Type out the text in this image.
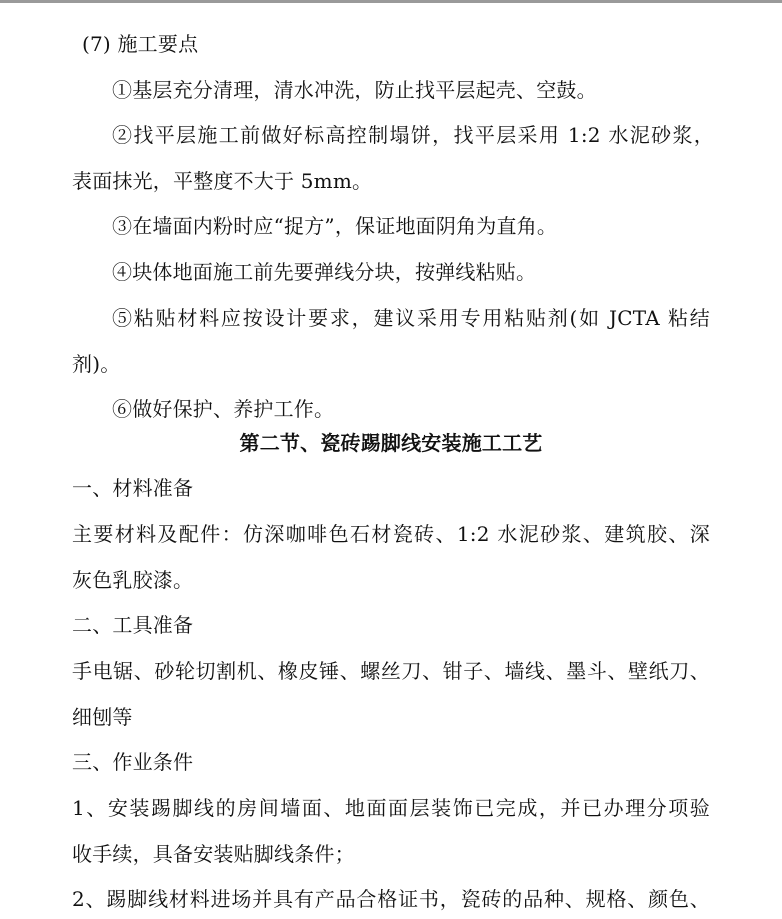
(7) 施工要点
①基层充分清理，清水冲洗，防止找平层起壳、空鼓。
②找平层施工前做好标高控制塌饼，找平层采用 1:2 水泥砂浆，
表面抹光，平整度不大于 5mm。
③在墙面内粉时应“捉方”，保证地面阴角为直角。
④块体地面施工前先要弹线分块，按弹线粘贴。
⑤粘贴材料应按设计要求，建议采用专用粘贴剂(如 JCTA 粘结
剂)。
⑥做好保护、养护工作。
第二节、瓷砖踢脚线安装施工工艺
一、材料准备
主要材料及配件：仿深咖啡色石材瓷砖、1:2 水泥砂浆、建筑胶、深
灰色乳胶漆。
二、工具准备
手电锯、砂轮切割机、橡皮锤、螺丝刀、钳子、墙线、墨斗、壁纸刀、
细刨等
三、作业条件
1、安装踢脚线的房间墙面、地面面层装饰已完成，并已办理分项验
收手续，具备安装贴脚线条件；
2、踢脚线材料进场并具有产品合格证书，瓷砖的品种、规格、颜色、
